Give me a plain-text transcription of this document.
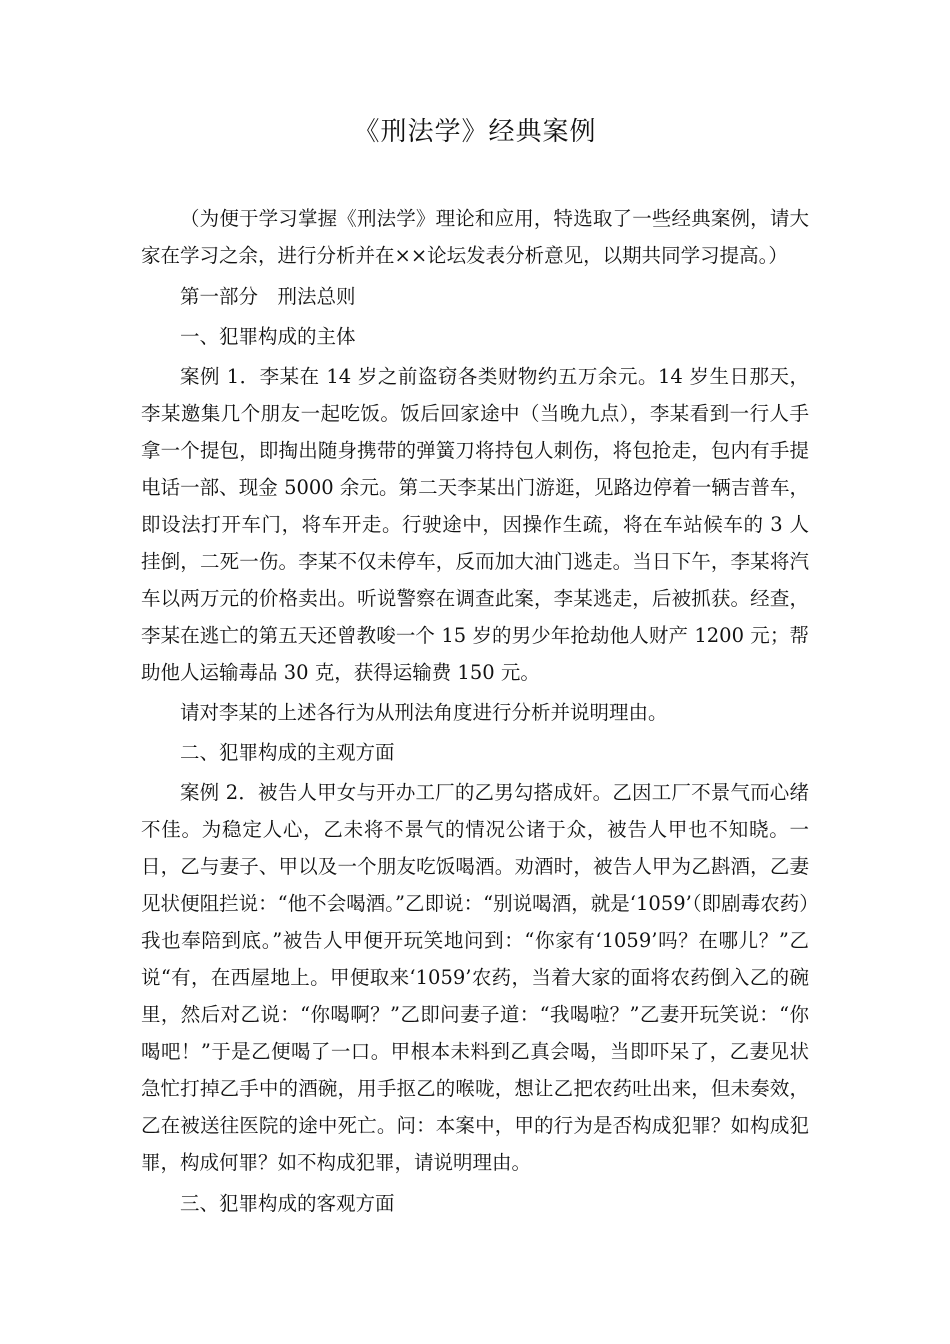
《刑法学》经典案例

（为便于学习掌握《刑法学》理论和应用，特选取了一些经典案例，请大家在学习之余，进行分析并在××论坛发表分析意见，以期共同学习提高。）

第一部分　刑法总则

一、犯罪构成的主体

案例 1．李某在 14 岁之前盗窃各类财物约五万余元。14 岁生日那天，李某邀集几个朋友一起吃饭。饭后回家途中（当晚九点），李某看到一行人手拿一个提包，即掏出随身携带的弹簧刀将持包人刺伤，将包抢走，包内有手提电话一部、现金 5000 余元。第二天李某出门游逛，见路边停着一辆吉普车，即设法打开车门，将车开走。行驶途中，因操作生疏，将在车站候车的 3 人挂倒，二死一伤。李某不仅未停车，反而加大油门逃走。当日下午，李某将汽车以两万元的价格卖出。听说警察在调查此案，李某逃走，后被抓获。经查，李某在逃亡的第五天还曾教唆一个 15 岁的男少年抢劫他人财产 1200 元；帮助他人运输毒品 30 克，获得运输费 150 元。

请对李某的上述各行为从刑法角度进行分析并说明理由。

二、犯罪构成的主观方面

案例 2．被告人甲女与开办工厂的乙男勾搭成奸。乙因工厂不景气而心绪不佳。为稳定人心，乙未将不景气的情况公诸于众，被告人甲也不知晓。一日，乙与妻子、甲以及一个朋友吃饭喝酒。劝酒时，被告人甲为乙斟酒，乙妻见状便阻拦说：“他不会喝酒。”乙即说：“别说喝酒，就是‘1059’（即剧毒农药）我也奉陪到底。”被告人甲便开玩笑地问到：“你家有‘1059’吗？在哪儿？”乙说“有，在西屋地上。甲便取来‘1059’农药，当着大家的面将农药倒入乙的碗里，然后对乙说：“你喝啊？”乙即问妻子道：“我喝啦？”乙妻开玩笑说：“你喝吧！”于是乙便喝了一口。甲根本未料到乙真会喝，当即吓呆了，乙妻见状急忙打掉乙手中的酒碗，用手抠乙的喉咙，想让乙把农药吐出来，但未奏效，乙在被送往医院的途中死亡。问：本案中，甲的行为是否构成犯罪？如构成犯罪，构成何罪？如不构成犯罪，请说明理由。

三、犯罪构成的客观方面
